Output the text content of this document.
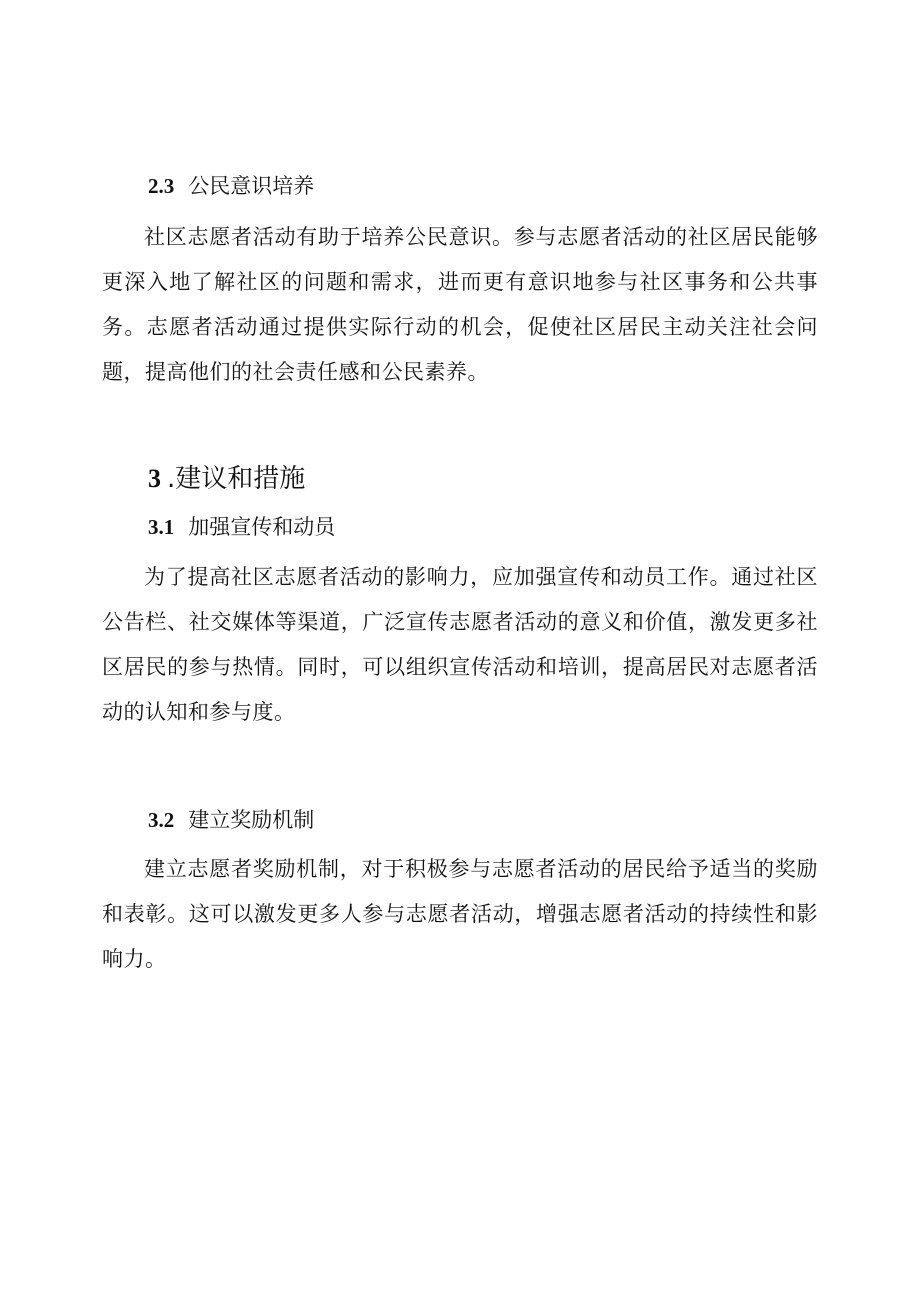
2.3 公民意识培养

社区志愿者活动有助于培养公民意识。参与志愿者活动的社区居民能够更深入地了解社区的问题和需求，进而更有意识地参与社区事务和公共事务。志愿者活动通过提供实际行动的机会，促使社区居民主动关注社会问题，提高他们的社会责任感和公民素养。

3 .建议和措施
3.1 加强宣传和动员

为了提高社区志愿者活动的影响力，应加强宣传和动员工作。通过社区公告栏、社交媒体等渠道，广泛宣传志愿者活动的意义和价值，激发更多社区居民的参与热情。同时，可以组织宣传活动和培训，提高居民对志愿者活动的认知和参与度。

3.2 建立奖励机制

建立志愿者奖励机制，对于积极参与志愿者活动的居民给予适当的奖励和表彰。这可以激发更多人参与志愿者活动，增强志愿者活动的持续性和影响力。
